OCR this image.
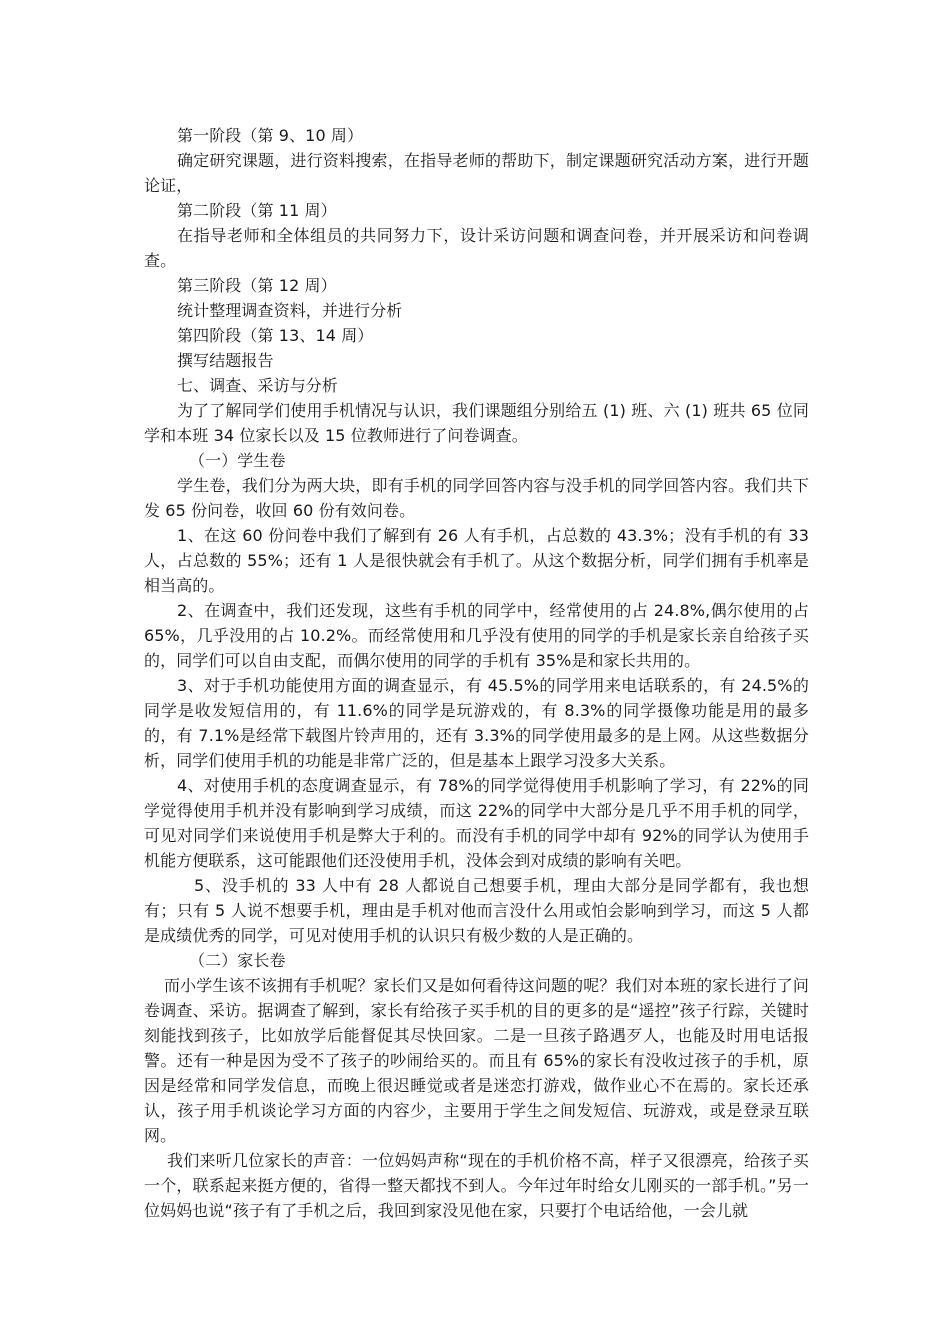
第一阶段（第 9、10 周）

确定研究课题，进行资料搜索，在指导老师的帮助下，制定课题研究活动方案，进行开题论证，

第二阶段（第 11 周）

在指导老师和全体组员的共同努力下，设计采访问题和调查问卷，并开展采访和问卷调查。

第三阶段（第 12 周）

统计整理调查资料，并进行分析

第四阶段（第 13、14 周）

撰写结题报告

七、调查、采访与分析

为了了解同学们使用手机情况与认识，我们课题组分别给五 (1) 班、六 (1) 班共 65 位同学和本班 34 位家长以及 15 位教师进行了问卷调查。

（一）学生卷

学生卷，我们分为两大块，即有手机的同学回答内容与没手机的同学回答内容。我们共下发 65 份问卷，收回 60 份有效问卷。

1、在这 60 份问卷中我们了解到有 26 人有手机，占总数的 43.3%；没有手机的有 33 人，占总数的 55%；还有 1 人是很快就会有手机了。从这个数据分析，同学们拥有手机率是相当高的。

2、在调查中，我们还发现，这些有手机的同学中，经常使用的占 24.8%,偶尔使用的占 65%，几乎没用的占 10.2%。而经常使用和几乎没有使用的同学的手机是家长亲自给孩子买的，同学们可以自由支配，而偶尔使用的同学的手机有 35%是和家长共用的。

3、对于手机功能使用方面的调查显示，有 45.5%的同学用来电话联系的，有 24.5%的同学是收发短信用的，有 11.6%的同学是玩游戏的，有 8.3%的同学摄像功能是用的最多的，有 7.1%是经常下载图片铃声用的，还有 3.3%的同学使用最多的是上网。从这些数据分析，同学们使用手机的功能是非常广泛的，但是基本上跟学习没多大关系。

4、对使用手机的态度调查显示，有 78%的同学觉得使用手机影响了学习，有 22%的同学觉得使用手机并没有影响到学习成绩，而这 22%的同学中大部分是几乎不用手机的同学，可见对同学们来说使用手机是弊大于利的。而没有手机的同学中却有 92%的同学认为使用手机能方便联系，这可能跟他们还没使用手机，没体会到对成绩的影响有关吧。

5、没手机的 33 人中有 28 人都说自己想要手机，理由大部分是同学都有，我也想有；只有 5 人说不想要手机，理由是手机对他而言没什么用或怕会影响到学习，而这 5 人都是成绩优秀的同学，可见对使用手机的认识只有极少数的人是正确的。

（二）家长卷

而小学生该不该拥有手机呢？家长们又是如何看待这问题的呢？我们对本班的家长进行了问卷调查、采访。据调查了解到，家长有给孩子买手机的目的更多的是“遥控”孩子行踪，关键时刻能找到孩子，比如放学后能督促其尽快回家。二是一旦孩子路遇歹人，也能及时用电话报警。还有一种是因为受不了孩子的吵闹给买的。而且有 65%的家长有没收过孩子的手机，原因是经常和同学发信息，而晚上很迟睡觉或者是迷恋打游戏，做作业心不在焉的。家长还承认，孩子用手机谈论学习方面的内容少，主要用于学生之间发短信、玩游戏，或是登录互联网。

我们来听几位家长的声音：一位妈妈声称“现在的手机价格不高，样子又很漂亮，给孩子买一个，联系起来挺方便的，省得一整天都找不到人。今年过年时给女儿刚买的一部手机。”另一位妈妈也说“孩子有了手机之后，我回到家没见他在家，只要打个电话给他，一会儿就
